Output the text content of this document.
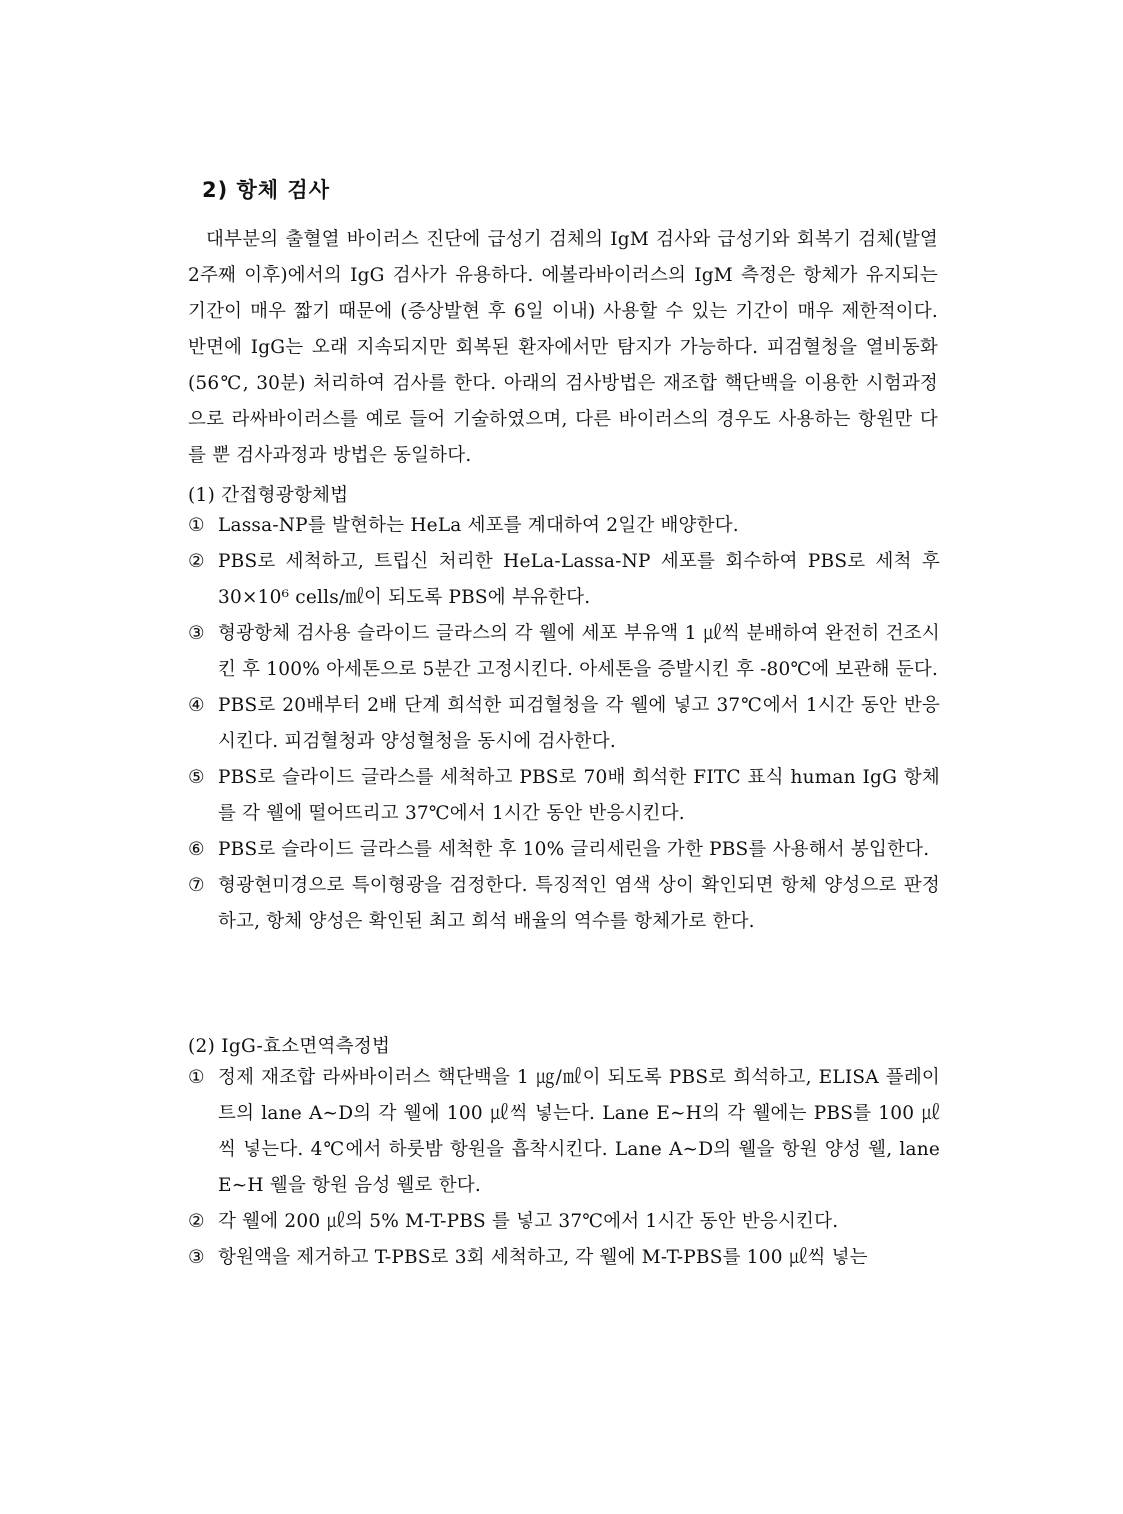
2) 항체 검사

대부분의 출혈열 바이러스 진단에 급성기 검체의 IgM 검사와 급성기와 회복기 검체(발열 2주째 이후)에서의 IgG 검사가 유용하다. 에볼라바이러스의 IgM 측정은 항체가 유지되는 기간이 매우 짧기 때문에 (증상발현 후 6일 이내) 사용할 수 있는 기간이 매우 제한적이다. 반면에 IgG는 오래 지속되지만 회복된 환자에서만 탐지가 가능하다. 피검혈청을 열비동화 (56℃, 30분) 처리하여 검사를 한다. 아래의 검사방법은 재조합 핵단백을 이용한 시험과정으로 라싸바이러스를 예로 들어 기술하였으며, 다른 바이러스의 경우도 사용하는 항원만 다를 뿐 검사과정과 방법은 동일하다.

(1) 간접형광항체법
① Lassa-NP를 발현하는 HeLa 세포를 계대하여 2일간 배양한다.
② PBS로 세척하고, 트립신 처리한 HeLa-Lassa-NP 세포를 회수하여 PBS로 세척 후 30×10⁶ cells/㎖이 되도록 PBS에 부유한다.
③ 형광항체 검사용 슬라이드 글라스의 각 웰에 세포 부유액 1 ㎕씩 분배하여 완전히 건조시킨 후 100% 아세톤으로 5분간 고정시킨다. 아세톤을 증발시킨 후 -80℃에 보관해 둔다.
④ PBS로 20배부터 2배 단계 희석한 피검혈청을 각 웰에 넣고 37℃에서 1시간 동안 반응시킨다. 피검혈청과 양성혈청을 동시에 검사한다.
⑤ PBS로 슬라이드 글라스를 세척하고 PBS로 70배 희석한 FITC 표식 human IgG 항체를 각 웰에 떨어뜨리고 37℃에서 1시간 동안 반응시킨다.
⑥ PBS로 슬라이드 글라스를 세척한 후 10% 글리세린을 가한 PBS를 사용해서 봉입한다.
⑦ 형광현미경으로 특이형광을 검정한다. 특징적인 염색 상이 확인되면 항체 양성으로 판정하고, 항체 양성은 확인된 최고 희석 배율의 역수를 항체가로 한다.
(2) IgG-효소면역측정법
① 정제 재조합 라싸바이러스 핵단백을 1 ㎍/㎖이 되도록 PBS로 희석하고, ELISA 플레이트의 lane A∼D의 각 웰에 100 ㎕씩 넣는다. Lane E∼H의 각 웰에는 PBS를 100 ㎕씩 넣는다. 4℃에서 하룻밤 항원을 흡착시킨다. Lane A∼D의 웰을 항원 양성 웰, lane E∼H 웰을 항원 음성 웰로 한다.
② 각 웰에 200 ㎕의 5% M-T-PBS 를 넣고 37℃에서 1시간 동안 반응시킨다.
③ 항원액을 제거하고 T-PBS로 3회 세척하고, 각 웰에 M-T-PBS를 100 ㎕씩 넣는
